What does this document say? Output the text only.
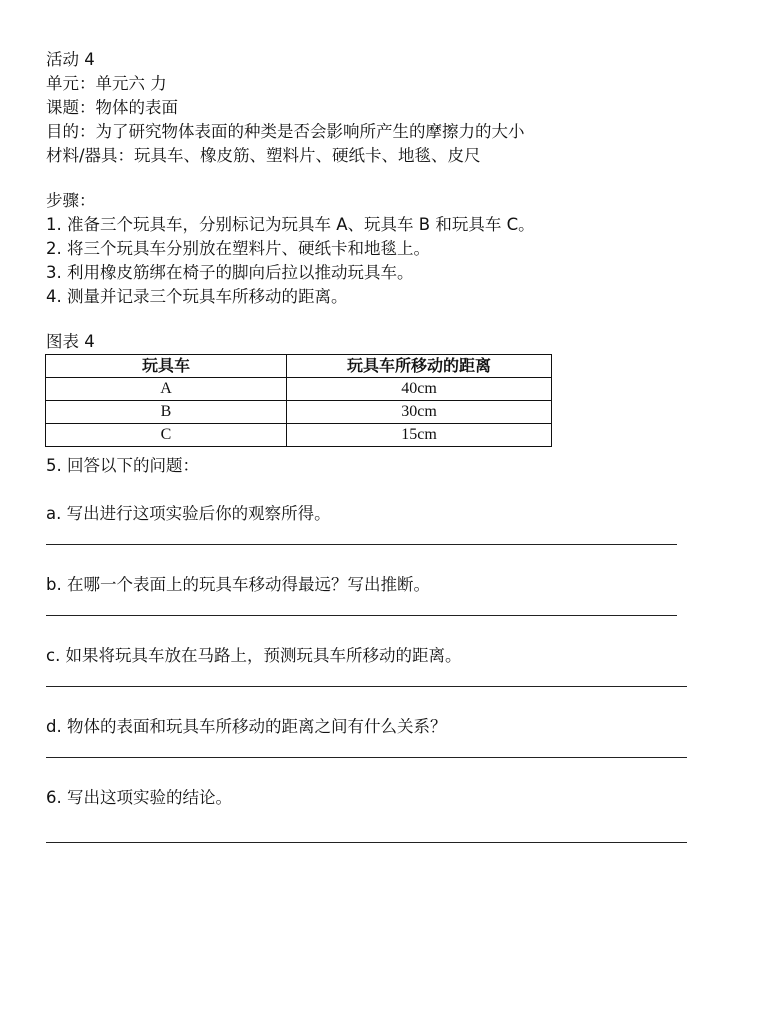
活动 4
单元：单元六 力
课题：物体的表面
目的：为了研究物体表面的种类是否会影响所产生的摩擦力的大小
材料/器具：玩具车、橡皮筋、塑料片、硬纸卡、地毯、皮尺
步骤：
1. 准备三个玩具车，分别标记为玩具车 A、玩具车 B 和玩具车 C。
2. 将三个玩具车分别放在塑料片、硬纸卡和地毯上。
3. 利用橡皮筋绑在椅子的脚向后拉以推动玩具车。
4. 测量并记录三个玩具车所移动的距离。
图表 4
玩具车	玩具车所移动的距离
A	40cm
B	30cm
C	15cm
5. 回答以下的问题：
a. 写出进行这项实验后你的观察所得。
b. 在哪一个表面上的玩具车移动得最远？写出推断。
c. 如果将玩具车放在马路上，预测玩具车所移动的距离。
d. 物体的表面和玩具车所移动的距离之间有什么关系？
6. 写出这项实验的结论。
